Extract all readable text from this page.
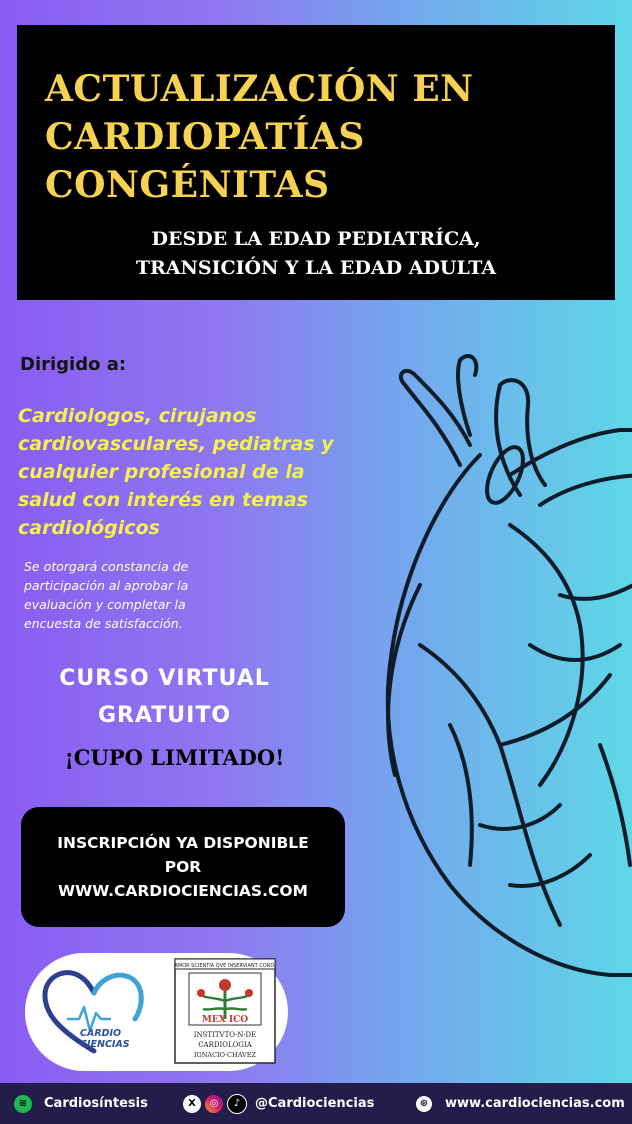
ACTUALIZACIÓN EN
CARDIOPATÍAS
CONGÉNITAS
DESDE LA EDAD PEDIATRÍCA,
TRANSICIÓN Y LA EDAD ADULTA
Dirigido a:
Cardiologos, cirujanos
cardiovasculares, pediatras y
cualquier profesional de la
salud con interés en temas
cardiológicos
Se otorgará constancia de
participación al aprobar la
evaluación y completar la
encuesta de satisfacción.
CURSO VIRTUAL
GRATUITO
¡CUPO LIMITADO!
INSCRIPCIÓN YA DISPONIBLE
POR
WWW.CARDIOCIENCIAS.COM
CARDIO
CIENCIAS
AMOR SCIENTIA QVE INSERVIANT CORDI
MEX ICO
INSTITVTO·N·DE
CARDIOLOGIA
IGNACIO·CHAVEZ
≋	Cardiosíntesis	X	◎	♪	@Cardiociencias	⊕ www.cardiociencias.com
